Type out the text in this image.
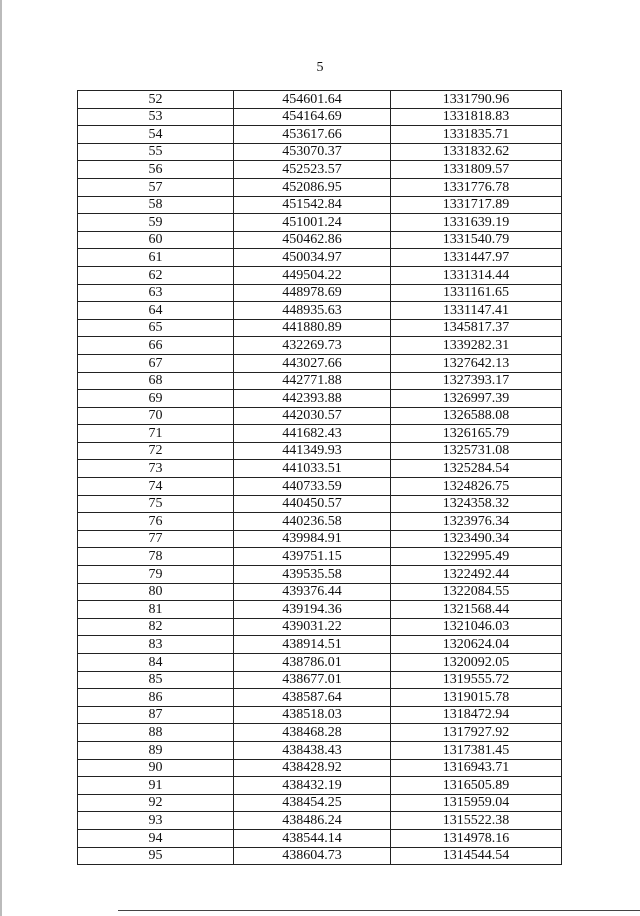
5
52	454601.64	1331790.96
53	454164.69	1331818.83
54	453617.66	1331835.71
55	453070.37	1331832.62
56	452523.57	1331809.57
57	452086.95	1331776.78
58	451542.84	1331717.89
59	451001.24	1331639.19
60	450462.86	1331540.79
61	450034.97	1331447.97
62	449504.22	1331314.44
63	448978.69	1331161.65
64	448935.63	1331147.41
65	441880.89	1345817.37
66	432269.73	1339282.31
67	443027.66	1327642.13
68	442771.88	1327393.17
69	442393.88	1326997.39
70	442030.57	1326588.08
71	441682.43	1326165.79
72	441349.93	1325731.08
73	441033.51	1325284.54
74	440733.59	1324826.75
75	440450.57	1324358.32
76	440236.58	1323976.34
77	439984.91	1323490.34
78	439751.15	1322995.49
79	439535.58	1322492.44
80	439376.44	1322084.55
81	439194.36	1321568.44
82	439031.22	1321046.03
83	438914.51	1320624.04
84	438786.01	1320092.05
85	438677.01	1319555.72
86	438587.64	1319015.78
87	438518.03	1318472.94
88	438468.28	1317927.92
89	438438.43	1317381.45
90	438428.92	1316943.71
91	438432.19	1316505.89
92	438454.25	1315959.04
93	438486.24	1315522.38
94	438544.14	1314978.16
95	438604.73	1314544.54
